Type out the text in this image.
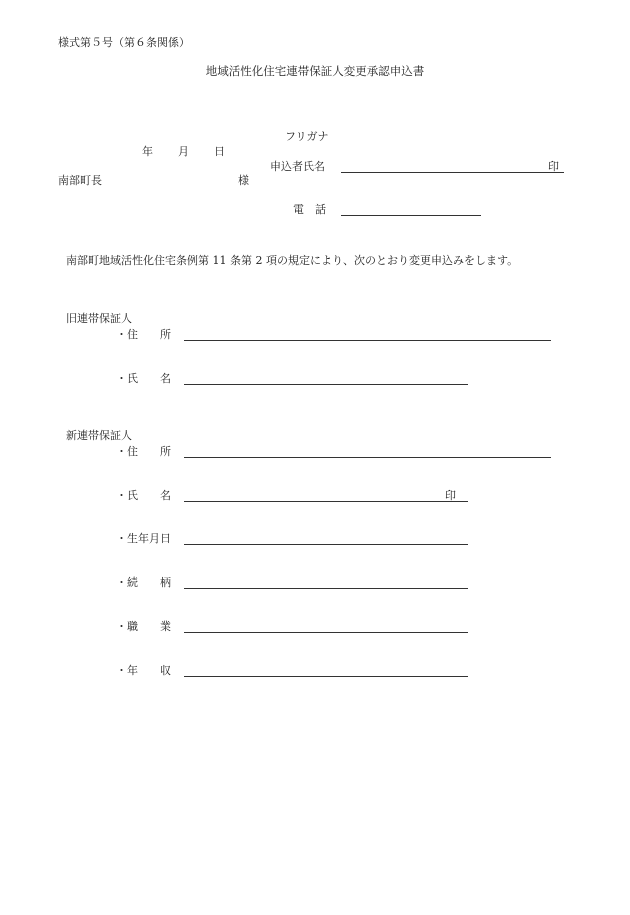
様式第５号（第６条関係）
地域活性化住宅連帯保証人変更承認申込書
フリガナ
年 月 日
申込者氏名	印
南部町長	様
電　話
南部町地域活性化住宅条例第 11 条第 2 項の規定により、次のとおり変更申込みをします。
旧連帯保証人
・住　　所
・氏　　名
新連帯保証人
・住　　所
・氏　　名	印
・生年月日
・続　　柄
・職　　業
・年　　収
